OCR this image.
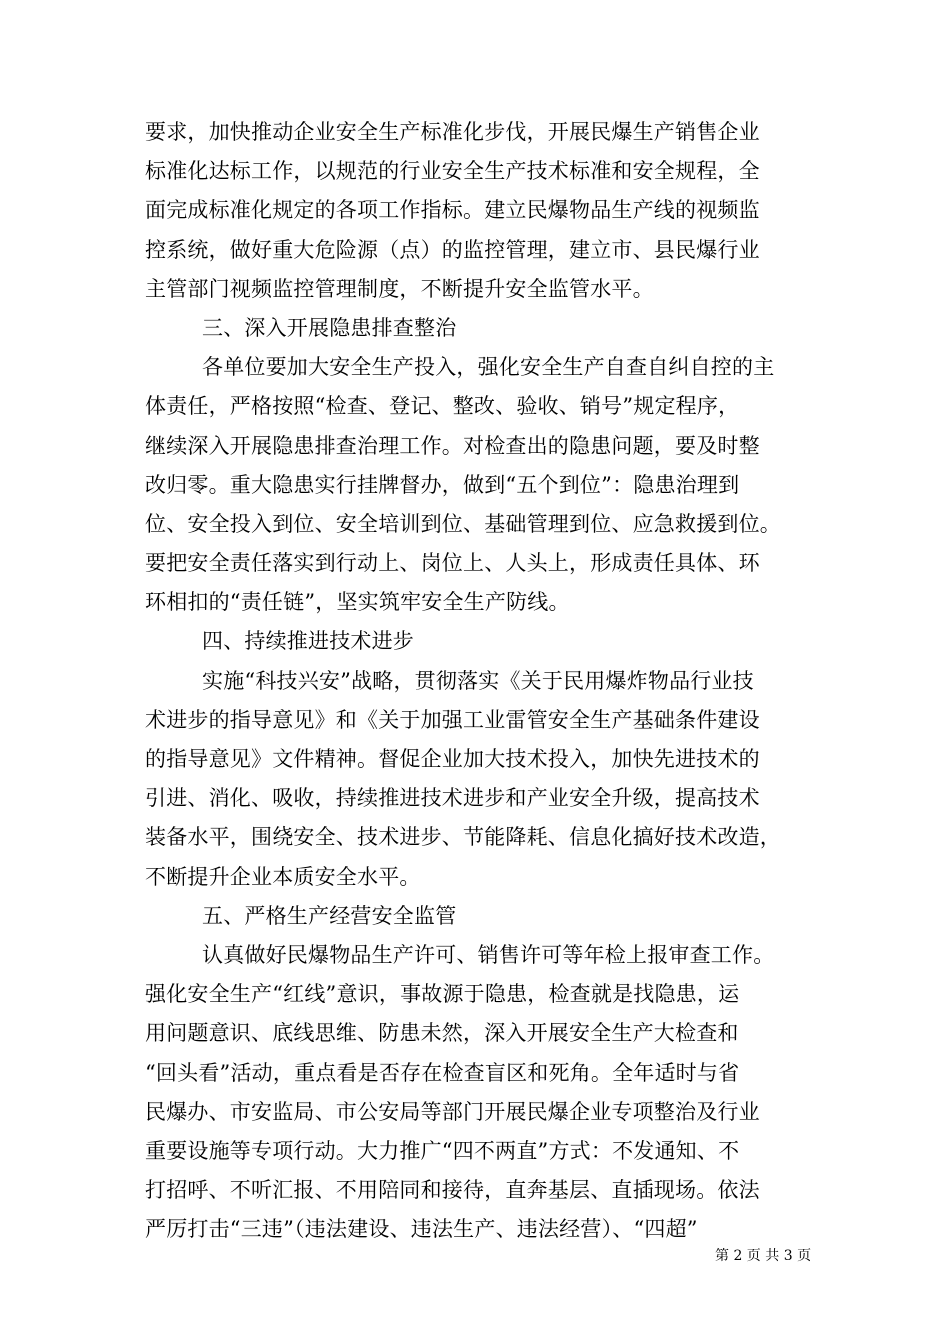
要求，加快推动企业安全生产标准化步伐，开展民爆生产销售企业
标准化达标工作，以规范的行业安全生产技术标准和安全规程，全
面完成标准化规定的各项工作指标。建立民爆物品生产线的视频监
控系统，做好重大危险源（点）的监控管理，建立市、县民爆行业
主管部门视频监控管理制度，不断提升安全监管水平。
三、深入开展隐患排查整治
各单位要加大安全生产投入，强化安全生产自查自纠自控的主
体责任，严格按照“检查、登记、整改、验收、销号”规定程序，
继续深入开展隐患排查治理工作。对检查出的隐患问题，要及时整
改归零。重大隐患实行挂牌督办，做到“五个到位”：隐患治理到
位、安全投入到位、安全培训到位、基础管理到位、应急救援到位。
要把安全责任落实到行动上、岗位上、人头上，形成责任具体、环
环相扣的“责任链”，坚实筑牢安全生产防线。
四、持续推进技术进步
实施“科技兴安”战略，贯彻落实《关于民用爆炸物品行业技
术进步的指导意见》和《关于加强工业雷管安全生产基础条件建设
的指导意见》文件精神。督促企业加大技术投入，加快先进技术的
引进、消化、吸收，持续推进技术进步和产业安全升级，提高技术
装备水平，围绕安全、技术进步、节能降耗、信息化搞好技术改造，
不断提升企业本质安全水平。
五、严格生产经营安全监管
认真做好民爆物品生产许可、销售许可等年检上报审查工作。
强化安全生产“红线”意识，事故源于隐患，检查就是找隐患，运
用问题意识、底线思维、防患未然，深入开展安全生产大检查和
“回头看”活动，重点看是否存在检查盲区和死角。全年适时与省
民爆办、市安监局、市公安局等部门开展民爆企业专项整治及行业
重要设施等专项行动。大力推广“四不两直”方式：不发通知、不
打招呼、不听汇报、不用陪同和接待，直奔基层、直插现场。依法
严厉打击“三违”（违法建设、违法生产、违法经营）、“四超”
第 2 页 共 3 页
